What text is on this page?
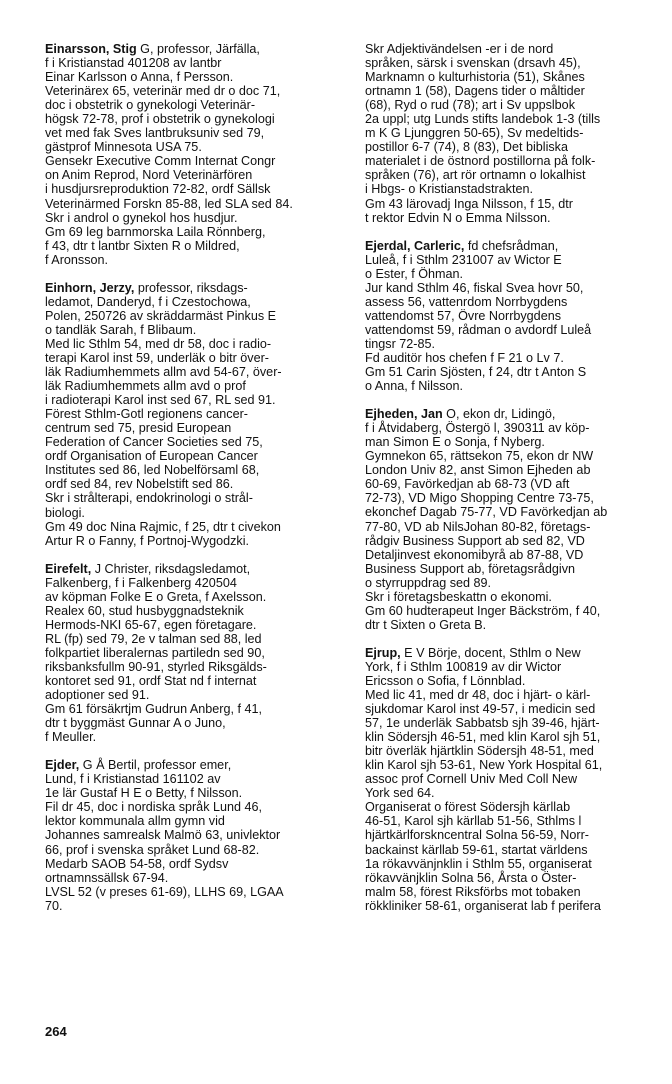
Einarsson, Stig G, professor, Järfälla,
f i Kristianstad 401208 av lantbr
Einar Karlsson o Anna, f Persson.
Veterinärex 65, veterinär med dr o doc 71,
doc i obstetrik o gynekologi Veterinär-
högsk 72-78, prof i obstetrik o gynekologi
vet med fak Sves lantbruksuniv sed 79,
gästprof Minnesota USA 75.
Gensekr Executive Comm Internat Congr
on Anim Reprod, Nord Veterinärfören
i husdjursreproduktion 72-82, ordf Sällsk
Veterinärmed Forskn 85-88, led SLA sed 84.
Skr i androl o gynekol hos husdjur.
Gm 69 leg barnmorska Laila Rönnberg,
f 43, dtr t lantbr Sixten R o Mildred,
f Aronsson.
Einhorn, Jerzy, professor, riksdags-
ledamot, Danderyd, f i Czestochowa,
Polen, 250726 av skräddarmäst Pinkus E
o tandläk Sarah, f Blibaum.
Med lic Sthlm 54, med dr 58, doc i radio-
terapi Karol inst 59, underläk o bitr över-
läk Radiumhemmets allm avd 54-67, över-
läk Radiumhemmets allm avd o prof
i radioterapi Karol inst sed 67, RL sed 91.
Förest Sthlm-Gotl regionens cancer-
centrum sed 75, presid European
Federation of Cancer Societies sed 75,
ordf Organisation of European Cancer
Institutes sed 86, led Nobelförsaml 68,
ordf sed 84, rev Nobelstift sed 86.
Skr i strålterapi, endokrinologi o strål-
biologi.
Gm 49 doc Nina Rajmic, f 25, dtr t civekon
Artur R o Fanny, f Portnoj-Wygodzki.
Eirefelt, J Christer, riksdagsledamot,
Falkenberg, f i Falkenberg 420504
av köpman Folke E o Greta, f Axelsson.
Realex 60, stud husbyggnadsteknik
Hermods-NKI 65-67, egen företagare.
RL (fp) sed 79, 2e v talman sed 88, led
folkpartiet liberalernas partiledn sed 90,
riksbanksfullm 90-91, styrled Riksgälds-
kontoret sed 91, ordf Stat nd f internat
adoptioner sed 91.
Gm 61 försäkrtjm Gudrun Anberg, f 41,
dtr t byggmäst Gunnar A o Juno,
f Meuller.
Ejder, G Å Bertil, professor emer,
Lund, f i Kristianstad 161102 av
1e lär Gustaf H E o Betty, f Nilsson.
Fil dr 45, doc i nordiska språk Lund 46,
lektor kommunala allm gymn vid
Johannes samrealsk Malmö 63, univlektor
66, prof i svenska språket Lund 68-82.
Medarb SAOB 54-58, ordf Sydsv
ortnamnssällsk 67-94.
LVSL 52 (v preses 61-69), LLHS 69, LGAA
70.
Skr Adjektivändelsen -er i de nord
språken, särsk i svenskan (drsavh 45),
Marknamn o kulturhistoria (51), Skånes
ortnamn 1 (58), Dagens tider o måltider
(68), Ryd o rud (78); art i Sv uppslbok
2a uppl; utg Lunds stifts landebok 1-3 (tills
m K G Ljunggren 50-65), Sv medeltids-
postillor 6-7 (74), 8 (83), Det bibliska
materialet i de östnord postillorna på folk-
språken (76), art rör ortnamn o lokalhist
i Hbgs- o Kristianstadstrakten.
Gm 43 lärovadj Inga Nilsson, f 15, dtr
t rektor Edvin N o Emma Nilsson.
Ejerdal, Carleric, fd chefsrådman,
Luleå, f i Sthlm 231007 av Wictor E
o Ester, f Öhman.
Jur kand Sthlm 46, fiskal Svea hovr 50,
assess 56, vattenrdom Norrbygdens
vattendomst 57, Övre Norrbygdens
vattendomst 59, rådman o avdordf Luleå
tingsr 72-85.
Fd auditör hos chefen f F 21 o Lv 7.
Gm 51 Carin Sjösten, f 24, dtr t Anton S
o Anna, f Nilsson.
Ejheden, Jan O, ekon dr, Lidingö,
f i Åtvidaberg, Östergö l, 390311 av köp-
man Simon E o Sonja, f Nyberg.
Gymnekon 65, rättsekon 75, ekon dr NW
London Univ 82, anst Simon Ejheden ab
60-69, Favörkedjan ab 68-73 (VD aft
72-73), VD Migo Shopping Centre 73-75,
ekonchef Dagab 75-77, VD Favörkedjan ab
77-80, VD ab NilsJohan 80-82, företags-
rådgiv Business Support ab sed 82, VD
Detaljinvest ekonomibyrå ab 87-88, VD
Business Support ab, företagsrådgivn
o styrruppdrag sed 89.
Skr i företagsbeskattn o ekonomi.
Gm 60 hudterapeut Inger Bäckström, f 40,
dtr t Sixten o Greta B.
Ejrup, E V Börje, docent, Sthlm o New
York, f i Sthlm 100819 av dir Wictor
Ericsson o Sofia, f Lönnblad.
Med lic 41, med dr 48, doc i hjärt- o kärl-
sjukdomar Karol inst 49-57, i medicin sed
57, 1e underläk Sabbatsb sjh 39-46, hjärt-
klin Södersjh 46-51, med klin Karol sjh 51,
bitr överläk hjärtklin Södersjh 48-51, med
klin Karol sjh 53-61, New York Hospital 61,
assoc prof Cornell Univ Med Coll New
York sed 64.
Organiserat o förest Södersjh kärllab
46-51, Karol sjh kärllab 51-56, Sthlms l
hjärtkärlforskncentral Solna 56-59, Norr-
backainst kärllab 59-61, startat världens
1a rökavvänjnklin i Sthlm 55, organiserat
rökavvänjklin Solna 56, Årsta o Öster-
malm 58, förest Riksförbs mot tobaken
rökkliniker 58-61, organiserat lab f perifera
264
